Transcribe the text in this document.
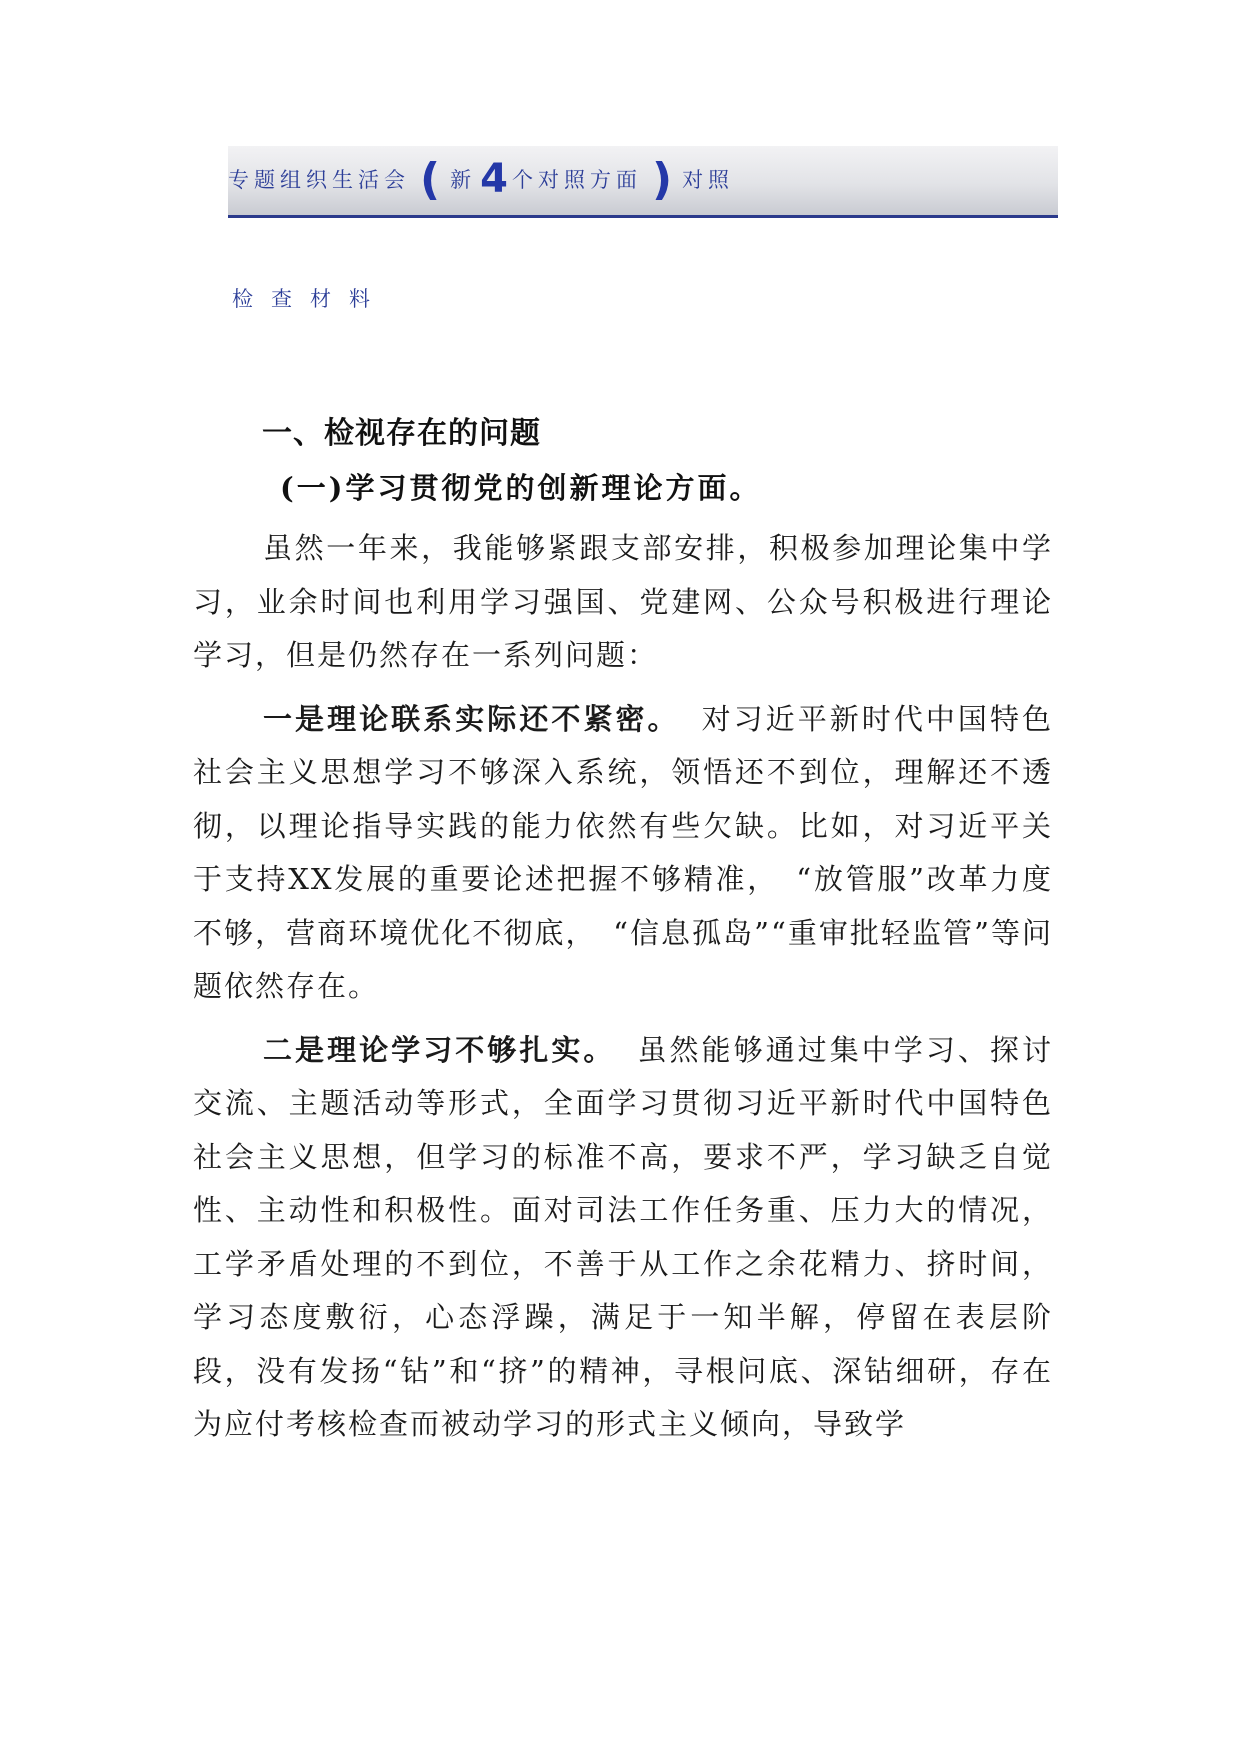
专题组织生活会 ( 新 4 个对照方面 ) 对照
检查材料
一、检视存在的问题
(一)学习贯彻党的创新理论方面。

虽然一年来，我能够紧跟支部安排，积极参加理论集中学习，业余时间也利用学习强国、党建网、公众号积极进行理论学习，但是仍然存在一系列问题：

一是理论联系实际还不紧密。 对习近平新时代中国特色社会主义思想学习不够深入系统，领悟还不到位，理解还不透彻，以理论指导实践的能力依然有些欠缺。比如，对习近平关于支持XX发展的重要论述把握不够精准，　“放管服”改革力度不够，营商环境优化不彻底，　“信息孤岛”“重审批轻监管”等问题依然存在。

二是理论学习不够扎实。 虽然能够通过集中学习、探讨交流、主题活动等形式，全面学习贯彻习近平新时代中国特色社会主义思想，但学习的标准不高，要求不严，学习缺乏自觉性、主动性和积极性。面对司法工作任务重、压力大的情况，工学矛盾处理的不到位，不善于从工作之余花精力、挤时间，学习态度敷衍，心态浮躁，满足于一知半解，停留在表层阶段，没有发扬“钻”和“挤”的精神，寻根问底、深钻细研，存在为应付考核检查而被动学习的形式主义倾向，导致学
